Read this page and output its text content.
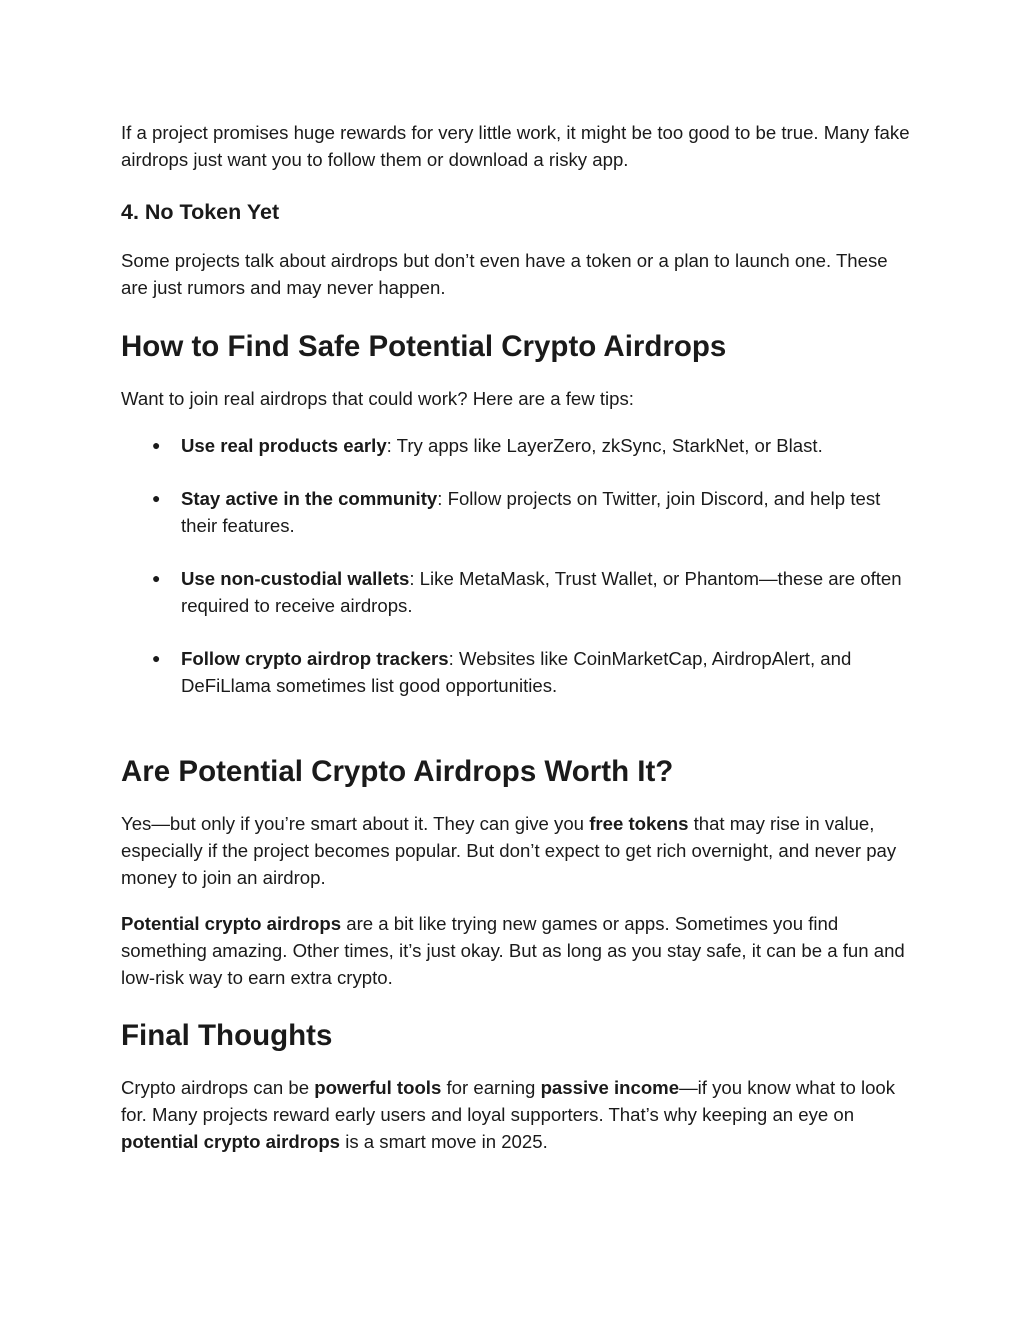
If a project promises huge rewards for very little work, it might be too good to be true. Many fake airdrops just want you to follow them or download a risky app.

4. No Token Yet

Some projects talk about airdrops but don’t even have a token or a plan to launch one. These are just rumors and may never happen.

How to Find Safe Potential Crypto Airdrops

Want to join real airdrops that could work? Here are a few tips:

● Use real products early: Try apps like LayerZero, zkSync, StarkNet, or Blast.
● Stay active in the community: Follow projects on Twitter, join Discord, and help test their features.
● Use non-custodial wallets: Like MetaMask, Trust Wallet, or Phantom—these are often required to receive airdrops.
● Follow crypto airdrop trackers: Websites like CoinMarketCap, AirdropAlert, and DeFiLlama sometimes list good opportunities.
Are Potential Crypto Airdrops Worth It?

Yes—but only if you’re smart about it. They can give you free tokens that may rise in value, especially if the project becomes popular. But don’t expect to get rich overnight, and never pay money to join an airdrop.

Potential crypto airdrops are a bit like trying new games or apps. Sometimes you find something amazing. Other times, it’s just okay. But as long as you stay safe, it can be a fun and low-risk way to earn extra crypto.

Final Thoughts

Crypto airdrops can be powerful tools for earning passive income—if you know what to look for. Many projects reward early users and loyal supporters. That’s why keeping an eye on potential crypto airdrops is a smart move in 2025.
